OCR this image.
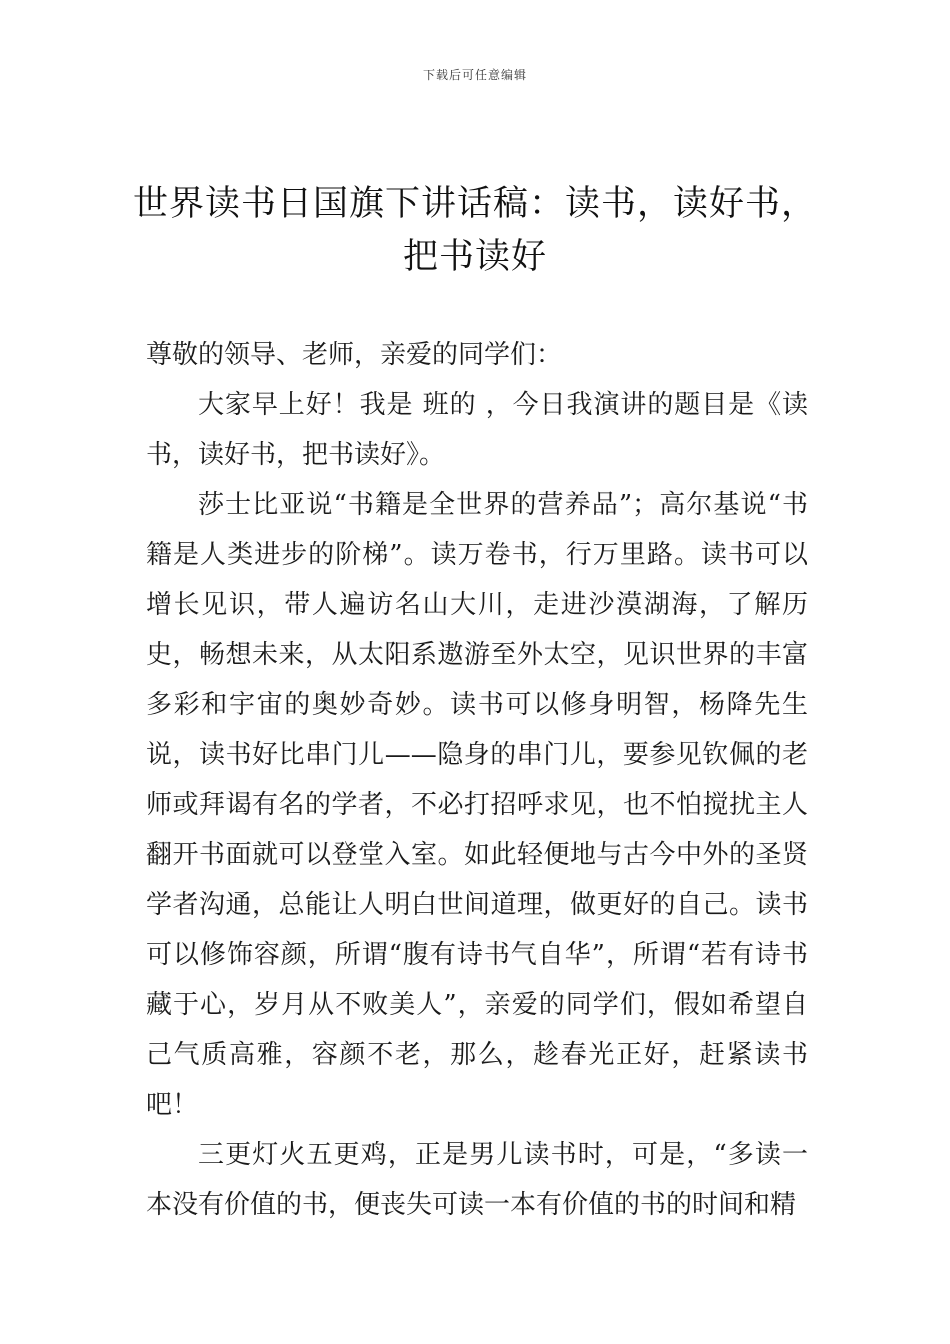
下载后可任意编辑
世界读书日国旗下讲话稿：读书，读好书，
把书读好

尊敬的领导、老师，亲爱的同学们：

大家早上好！我是 班的 ，今日我演讲的题目是《读书，读好书，把书读好》。

莎士比亚说“书籍是全世界的营养品”；高尔基说“书籍是人类进步的阶梯”。读万卷书，行万里路。读书可以增长见识，带人遍访名山大川，走进沙漠湖海，了解历史，畅想未来，从太阳系遨游至外太空，见识世界的丰富多彩和宇宙的奥妙奇妙。读书可以修身明智，杨降先生说，读书好比串门儿——隐身的串门儿，要参见钦佩的老师或拜谒有名的学者，不必打招呼求见，也不怕搅扰主人翻开书面就可以登堂入室。如此轻便地与古今中外的圣贤学者沟通，总能让人明白世间道理，做更好的自己。读书可以修饰容颜，所谓“腹有诗书气自华”，所谓“若有诗书藏于心，岁月从不败美人”，亲爱的同学们，假如希望自己气质高雅，容颜不老，那么，趁春光正好，赶紧读书吧！

三更灯火五更鸡，正是男儿读书时，可是，“多读一本没有价值的书，便丧失可读一本有价值的书的时间和精
